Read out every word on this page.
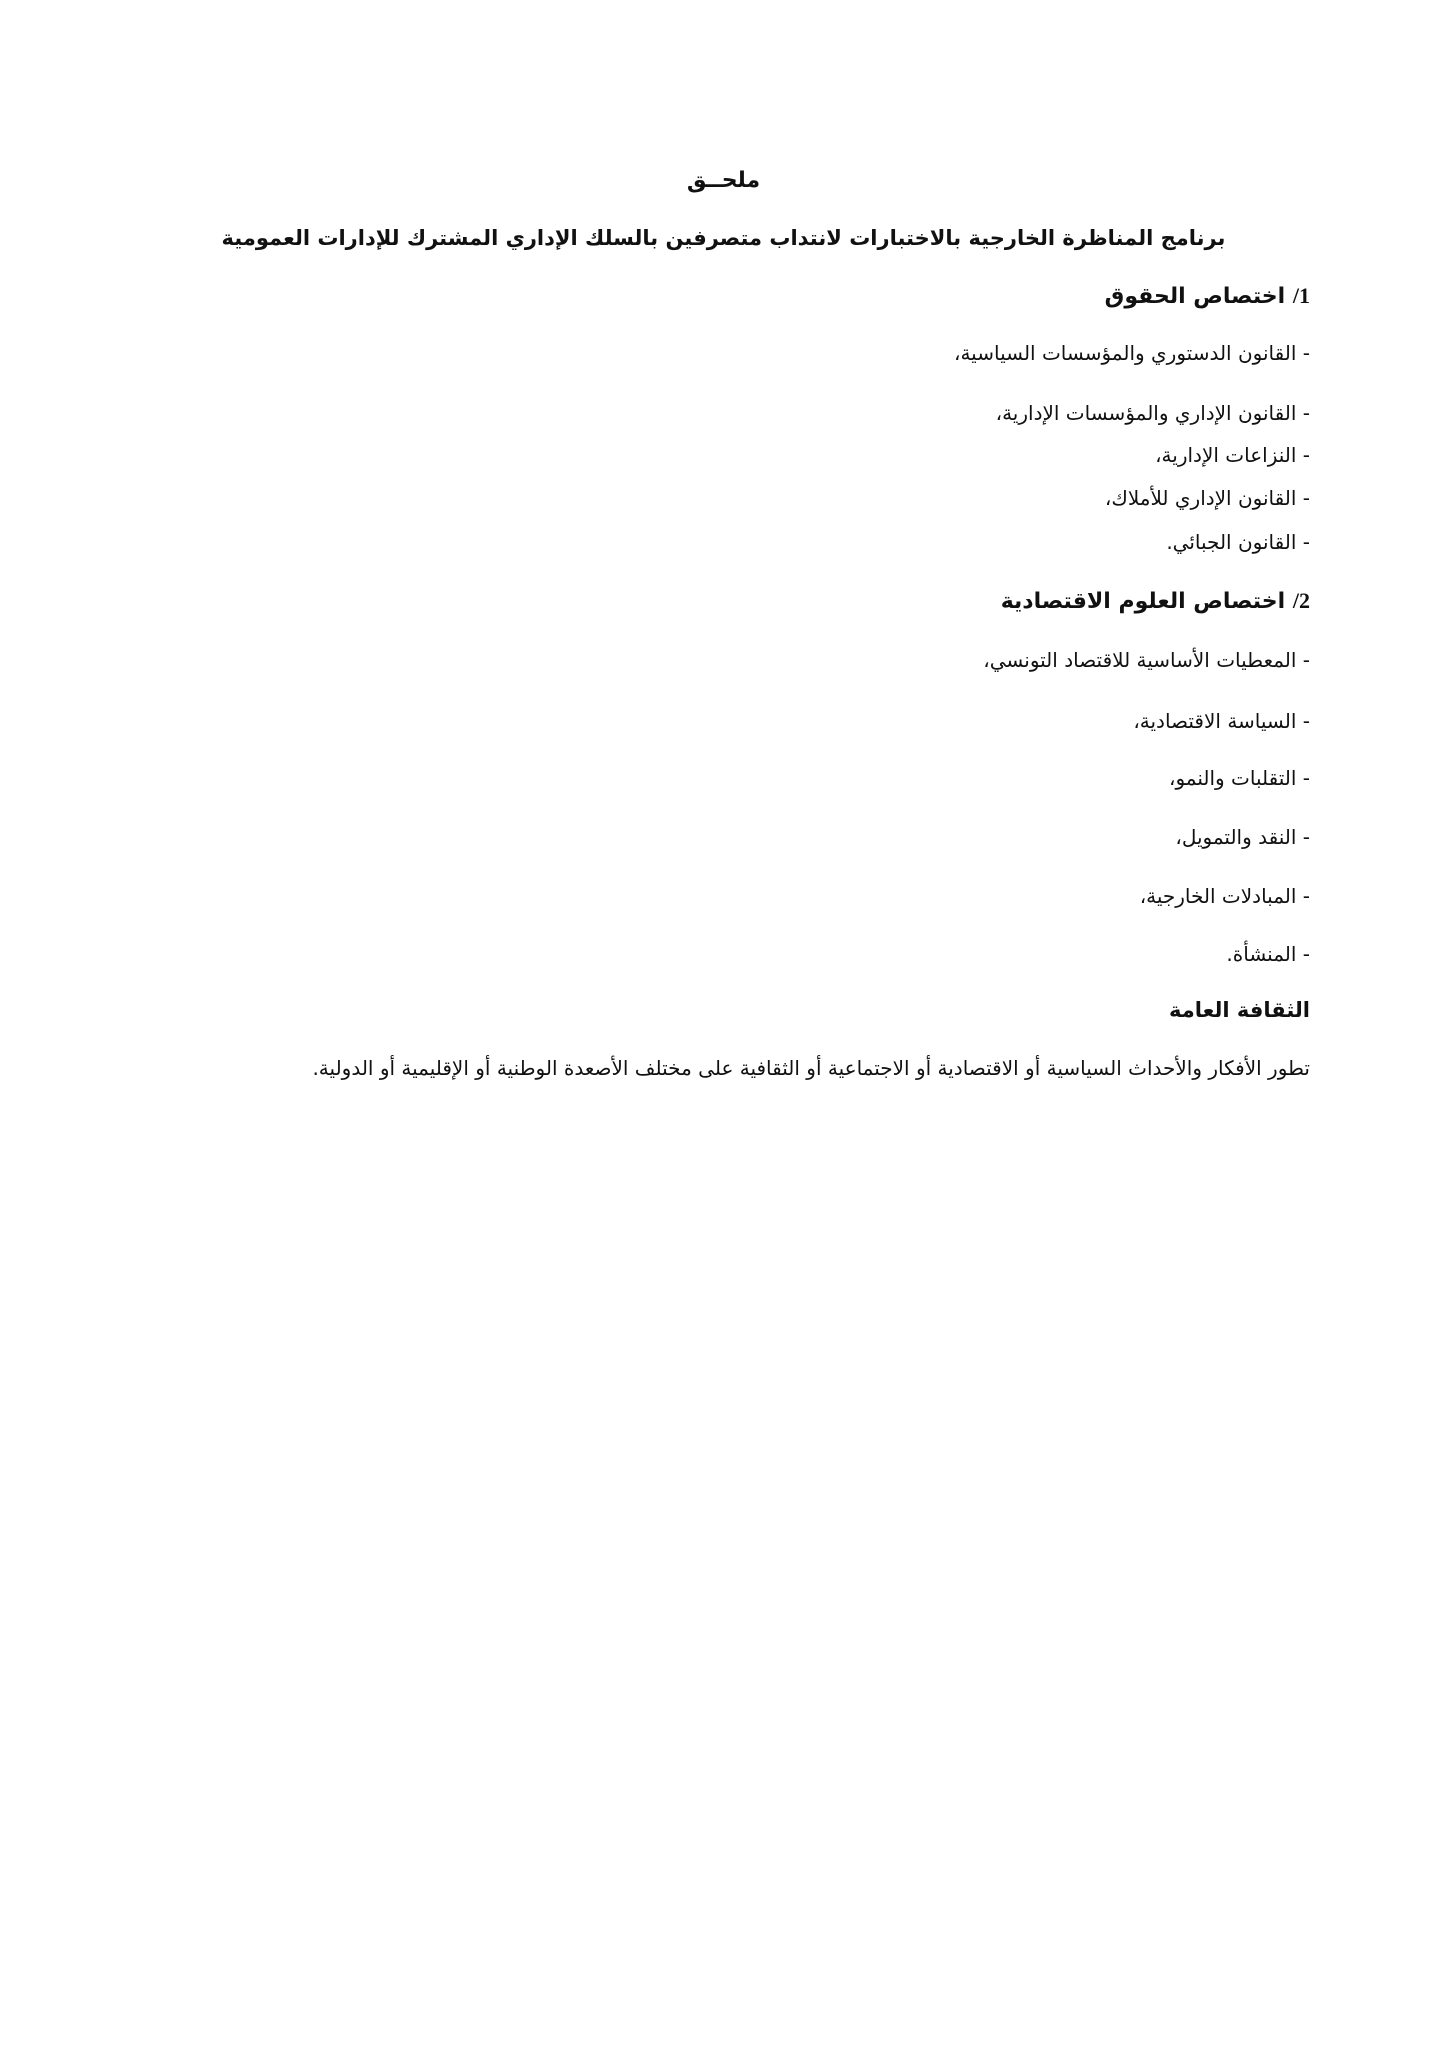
ملحــق

برنامج المناظرة الخارجية بالاختبارات لانتداب متصرفين بالسلك الإداري المشترك للإدارات العمومية

1/ اختصاص الحقوق

- القانون الدستوري والمؤسسات السياسية،

- القانون الإداري والمؤسسات الإدارية،

- النزاعات الإدارية،

- القانون الإداري للأملاك،

- القانون الجبائي.

2/ اختصاص العلوم الاقتصادية

- المعطيات الأساسية للاقتصاد التونسي،

- السياسة الاقتصادية،

- التقلبات والنمو،

- النقد والتمويل،

- المبادلات الخارجية،

- المنشأة.

الثقافة العامة

تطور الأفكار والأحداث السياسية أو الاقتصادية أو الاجتماعية أو الثقافية على مختلف الأصعدة الوطنية أو الإقليمية أو الدولية.
